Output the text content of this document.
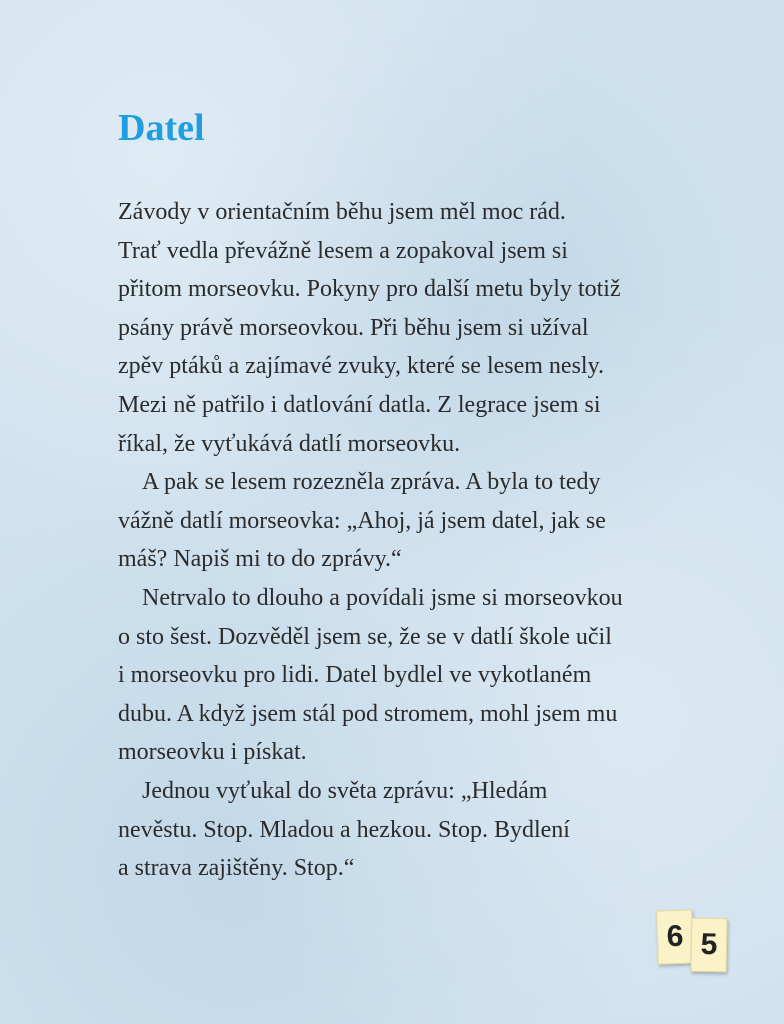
Datel
Závody v orientačním běhu jsem měl moc rád.
Trať vedla převážně lesem a zopakoval jsem si
přitom morseovku. Pokyny pro další metu byly totiž
psány právě morseovkou. Při běhu jsem si užíval
zpěv ptáků a zajímavé zvuky, které se lesem nesly.
Mezi ně patřilo i datlování datla. Z legrace jsem si
říkal, že vyťukává datlí morseovku.
A pak se lesem rozezněla zpráva. A byla to tedy
vážně datlí morseovka: „Ahoj, já jsem datel, jak se
máš? Napiš mi to do zprávy.“
Netrvalo to dlouho a povídali jsme si morseovkou
o sto šest. Dozvěděl jsem se, že se v datlí škole učil
i morseovku pro lidi. Datel bydlel ve vykotlaném
dubu. A když jsem stál pod stromem, mohl jsem mu
morseovku i pískat.
Jednou vyťukal do světa zprávu: „Hledám
nevěstu. Stop. Mladou a hezkou. Stop. Bydlení
a strava zajištěny. Stop.“
6 5
